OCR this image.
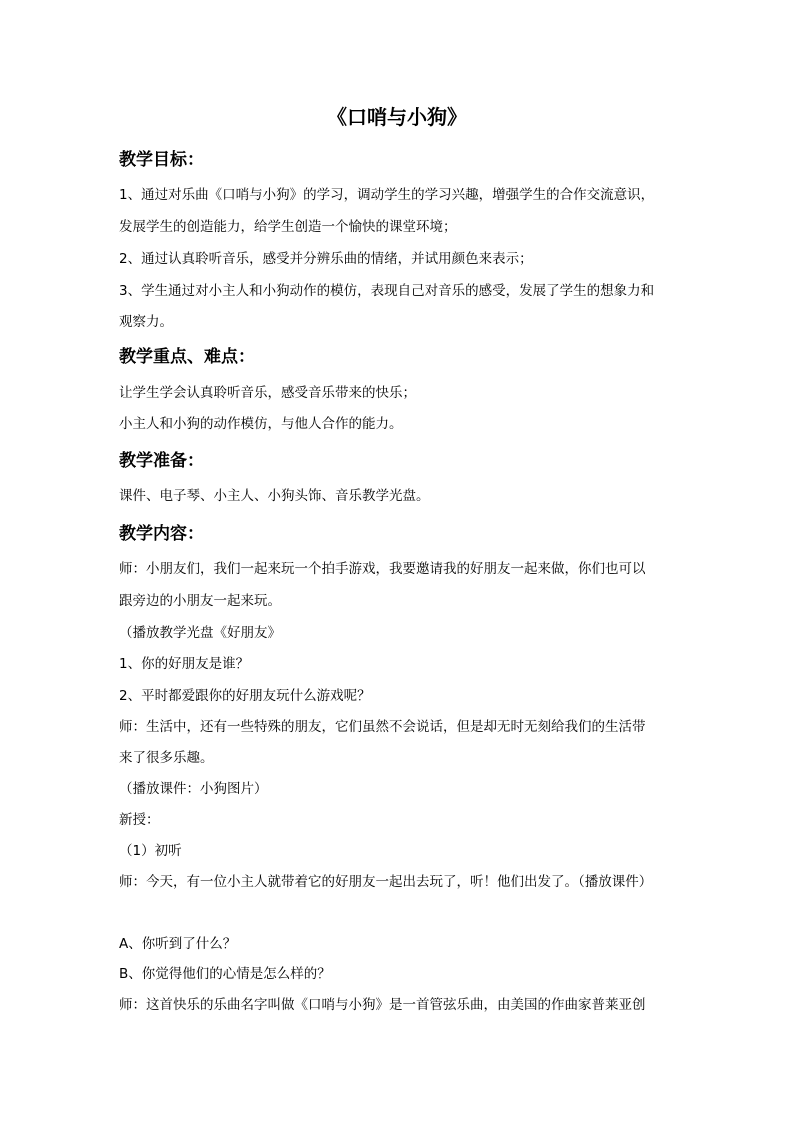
《口哨与小狗》
教学目标：
1、通过对乐曲《口哨与小狗》的学习，调动学生的学习兴趣，增强学生的合作交流意识，
发展学生的创造能力，给学生创造一个愉快的课堂环境；
2、通过认真聆听音乐，感受并分辨乐曲的情绪，并试用颜色来表示；
3、学生通过对小主人和小狗动作的模仿，表现自己对音乐的感受，发展了学生的想象力和
观察力。
教学重点、难点：
让学生学会认真聆听音乐，感受音乐带来的快乐；
小主人和小狗的动作模仿，与他人合作的能力。
教学准备：
课件、电子琴、小主人、小狗头饰、音乐教学光盘。
教学内容：
师：小朋友们，我们一起来玩一个拍手游戏，我要邀请我的好朋友一起来做，你们也可以
跟旁边的小朋友一起来玩。
（播放教学光盘《好朋友》
1、你的好朋友是谁？
2、平时都爱跟你的好朋友玩什么游戏呢？
师：生活中，还有一些特殊的朋友，它们虽然不会说话，但是却无时无刻给我们的生活带
来了很多乐趣。
（播放课件：小狗图片）
新授：
（1）初听
师：今天，有一位小主人就带着它的好朋友一起出去玩了，听！他们出发了。（播放课件）
A、你听到了什么？
B、你觉得他们的心情是怎么样的？
师：这首快乐的乐曲名字叫做《口哨与小狗》是一首管弦乐曲，由美国的作曲家普莱亚创
